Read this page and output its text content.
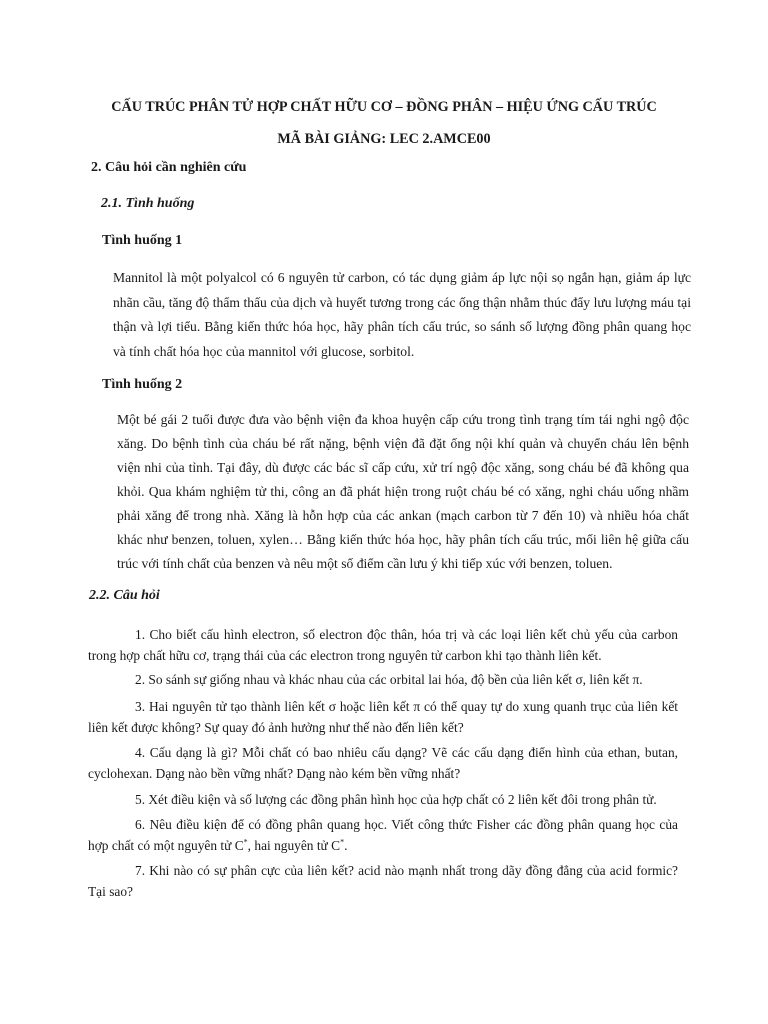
CẤU TRÚC PHÂN TỬ HỢP CHẤT HỮU CƠ – ĐỒNG PHÂN – HIỆU ỨNG CẤU TRÚC
MÃ BÀI GIẢNG: LEC 2.AMCE00
2. Câu hỏi cần nghiên cứu
2.1. Tình huống
Tình huống 1
Mannitol là một polyalcol có 6 nguyên tử carbon, có tác dụng giảm áp lực nội sọ ngắn hạn, giảm áp lực nhãn cầu, tăng độ thẩm thấu của dịch và huyết tương trong các ống thận nhằm thúc đẩy lưu lượng máu tại thận và lợi tiểu. Bằng kiến thức hóa học, hãy phân tích cấu trúc, so sánh số lượng đồng phân quang học và tính chất hóa học của mannitol với glucose, sorbitol.
Tình huống 2
Một bé gái 2 tuổi được đưa vào bệnh viện đa khoa huyện cấp cứu trong tình trạng tím tái nghi ngộ độc xăng. Do bệnh tình của cháu bé rất nặng, bệnh viện đã đặt ống nội khí quản và chuyển cháu lên bệnh viện nhi của tỉnh. Tại đây, dù được các bác sĩ cấp cứu, xử trí ngộ độc xăng, song cháu bé đã không qua khỏi. Qua khám nghiệm tử thi, công an đã phát hiện trong ruột cháu bé có xăng, nghi cháu uống nhầm phải xăng để trong nhà. Xăng là hỗn hợp của các ankan (mạch carbon từ 7 đến 10) và nhiều hóa chất khác như benzen, toluen, xylen… Bằng kiến thức hóa học, hãy phân tích cấu trúc, mối liên hệ giữa cấu trúc với tính chất của benzen và nêu một số điểm cần lưu ý khi tiếp xúc với benzen, toluen.
2.2. Câu hỏi
1. Cho biết cấu hình electron, số electron độc thân, hóa trị và các loại liên kết chủ yếu của carbon trong hợp chất hữu cơ, trạng thái của các electron trong nguyên tử carbon khi tạo thành liên kết.
2. So sánh sự giống nhau và khác nhau của các orbital lai hóa, độ bền của liên kết σ, liên kết π.
3. Hai nguyên tử tạo thành liên kết σ hoặc liên kết π có thể quay tự do xung quanh trục của liên kết liên kết được không? Sự quay đó ảnh hưởng như thế nào đến liên kết?
4. Cấu dạng là gì? Mỗi chất có bao nhiêu cấu dạng? Vẽ các cấu dạng điển hình của ethan, butan, cyclohexan. Dạng nào bền vững nhất? Dạng nào kém bền vững nhất?
5. Xét điều kiện và số lượng các đồng phân hình học của hợp chất có 2 liên kết đôi trong phân tử.
6. Nêu điều kiện để có đồng phân quang học. Viết công thức Fisher các đồng phân quang học của hợp chất có một nguyên tử C*, hai nguyên tử C*.
7. Khi nào có sự phân cực của liên kết? acid nào mạnh nhất trong dãy đồng đẳng của acid formic? Tại sao?
